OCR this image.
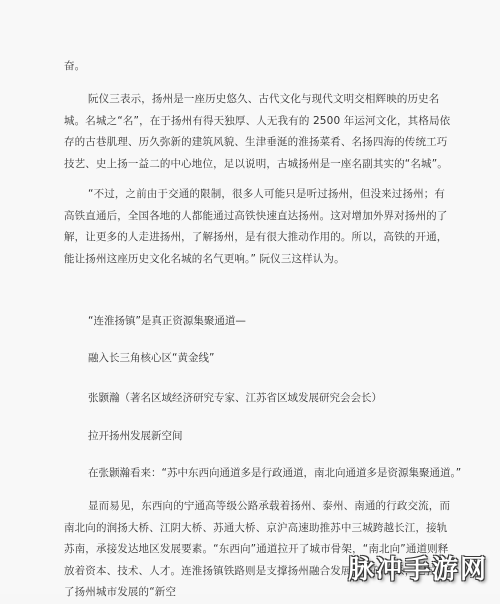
奋。

阮仪三表示，扬州是一座历史悠久、古代文化与现代文明交相辉映的历史名城。名城之“名”，在于扬州有得天独厚、人无我有的 2500 年运河文化，其格局依存的古巷肌理、历久弥新的建筑风貌、生津垂涎的淮扬菜肴、名扬四海的传统工巧技艺、史上扬一益二的中心地位，足以说明，古城扬州是一座名副其实的“名城”。

“不过，之前由于交通的限制，很多人可能只是听过扬州，但没来过扬州；有高铁直通后，全国各地的人都能通过高铁快速直达扬州。这对增加外界对扬州的了解，让更多的人走进扬州，了解扬州，是有很大推动作用的。所以，高铁的开通，能让扬州这座历史文化名城的名气更响。” 阮仪三这样认为。

“连淮扬镇”是真正资源集聚通道—

融入长三角核心区“黄金线”

张颢瀚（著名区域经济研究专家、江苏省区域发展研究会会长）

拉开扬州发展新空间

在张颢瀚看来：“苏中东西向通道多是行政通道，南北向通道多是资源集聚通道。”

显而易见，东西向的宁通高等级公路承载着扬州、泰州、南通的行政交流，而南北向的润扬大桥、江阴大桥、苏通大桥、京沪高速助推苏中三城跨越长江，接轨苏南，承接发达地区发展要素。“东西向”通道拉开了城市骨架，“南北向”通道则释放着资本、技术、人才。连淮扬镇铁路则是支撑扬州融合发展的基础体系，它拉开了扬州城市发展的“新空

脉冲手游网
